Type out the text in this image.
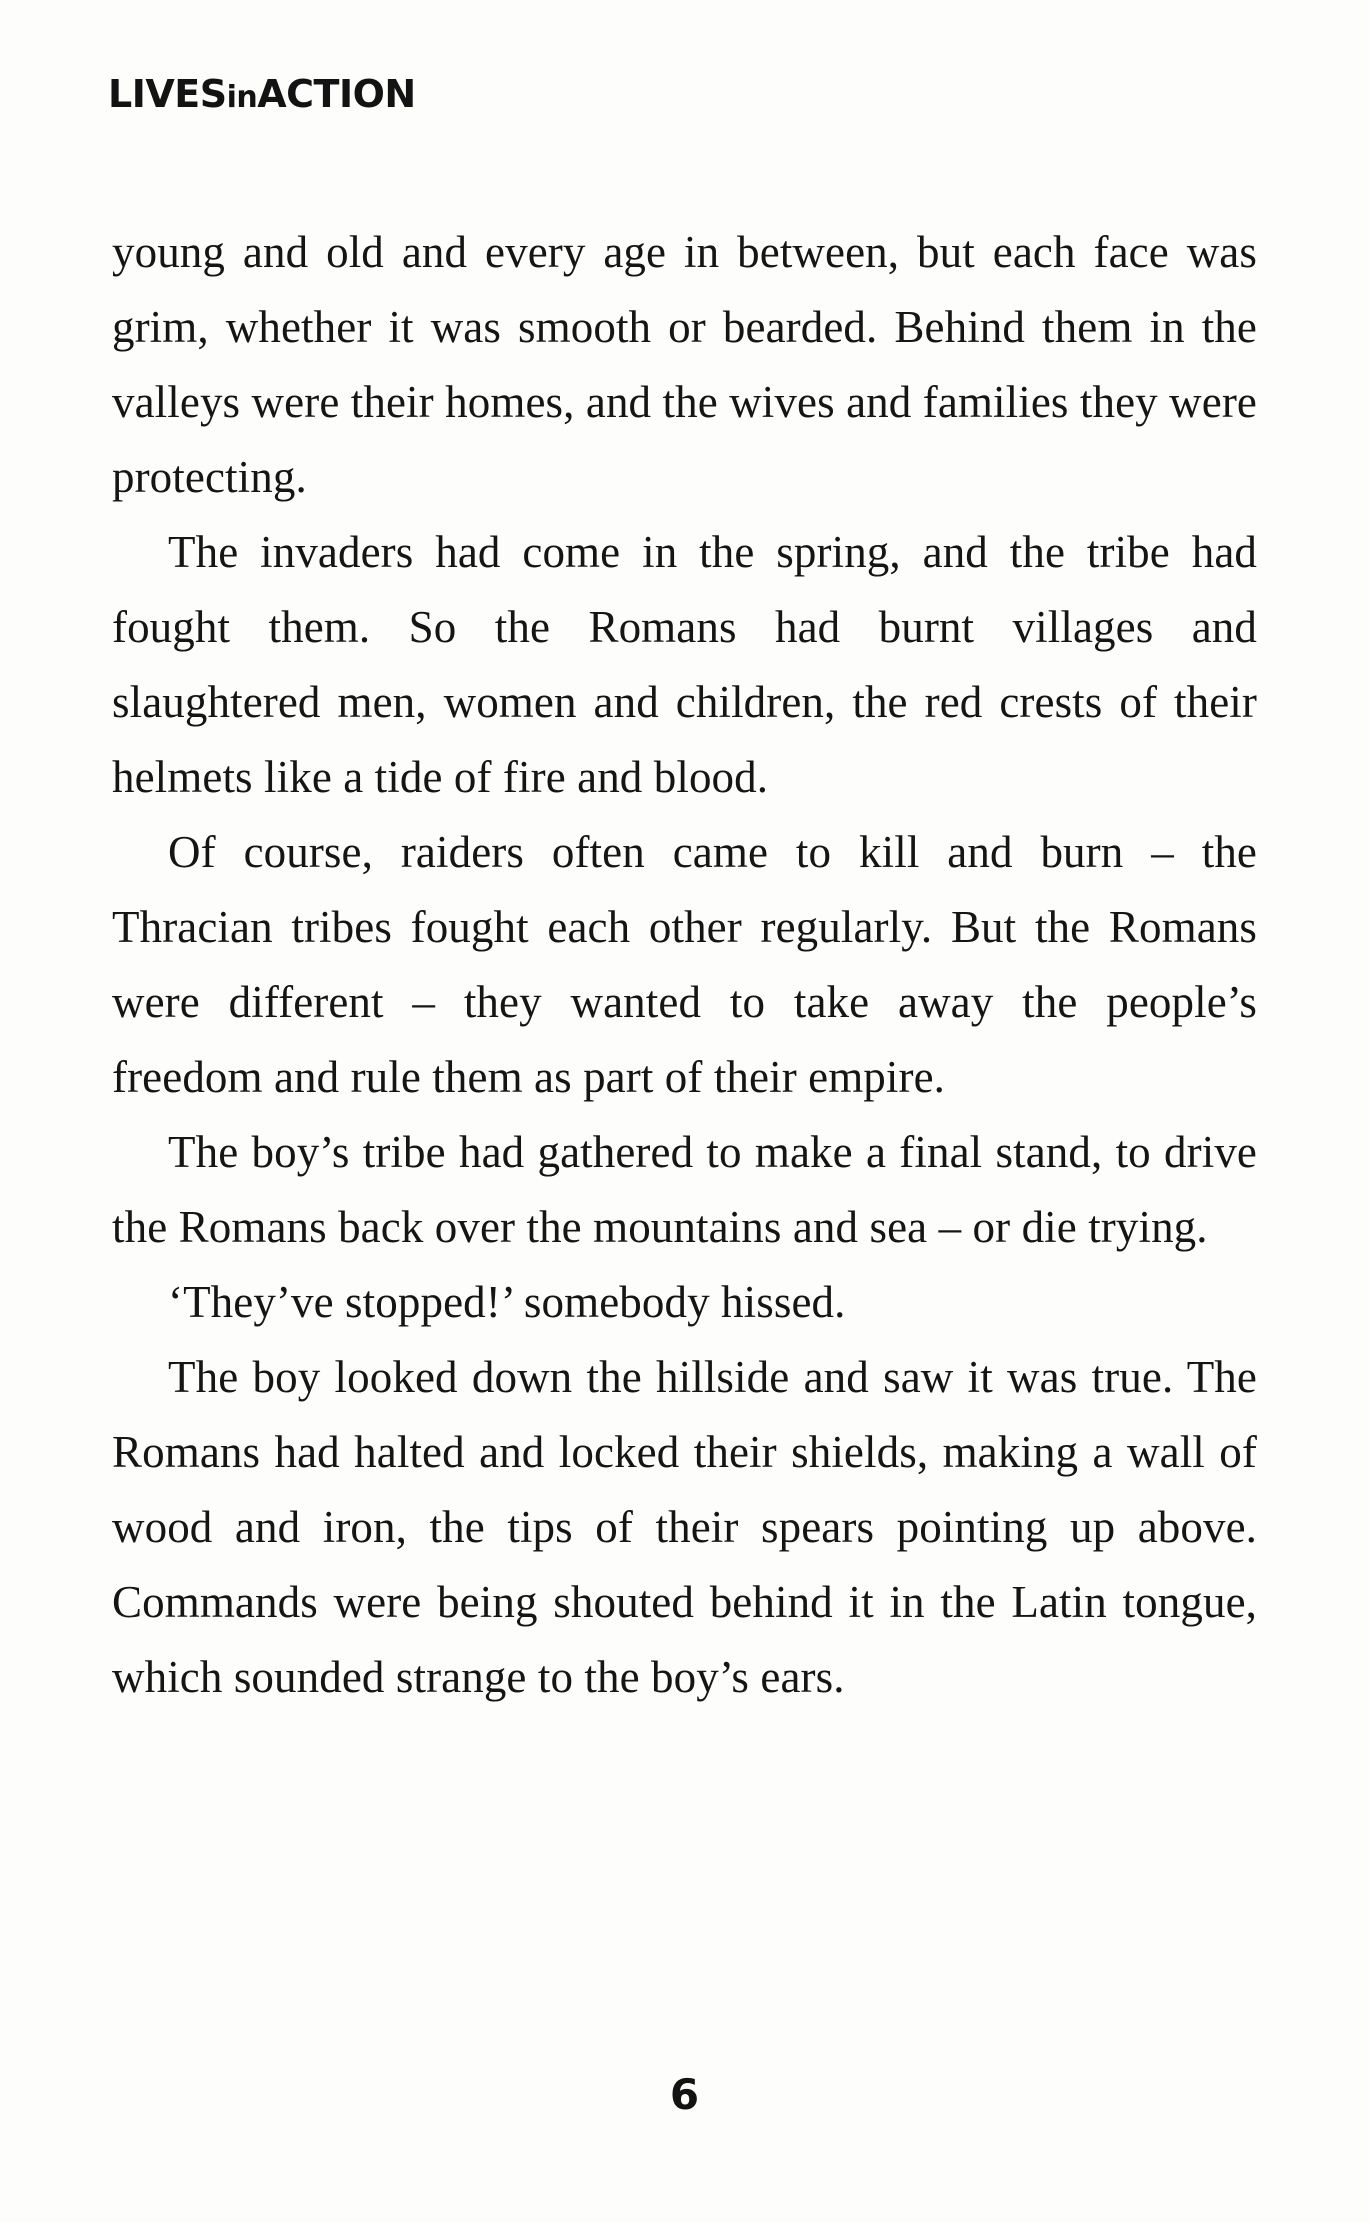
LIVESinACTION

young and old and every age in between, but each face was grim, whether it was smooth or bearded. Behind them in the valleys were their homes, and the wives and families they were protecting.

The invaders had come in the spring, and the tribe had fought them. So the Romans had burnt villages and slaughtered men, women and children, the red crests of their helmets like a tide of fire and blood.

Of course, raiders often came to kill and burn – the Thracian tribes fought each other regularly. But the Romans were different – they wanted to take away the people’s freedom and rule them as part of their empire.

The boy’s tribe had gathered to make a final stand, to drive the Romans back over the mountains and sea – or die trying.

‘They’ve stopped!’ somebody hissed.

The boy looked down the hillside and saw it was true. The Romans had halted and locked their shields, making a wall of wood and iron, the tips of their spears pointing up above. Commands were being shouted behind it in the Latin tongue, which sounded strange to the boy’s ears.

6
